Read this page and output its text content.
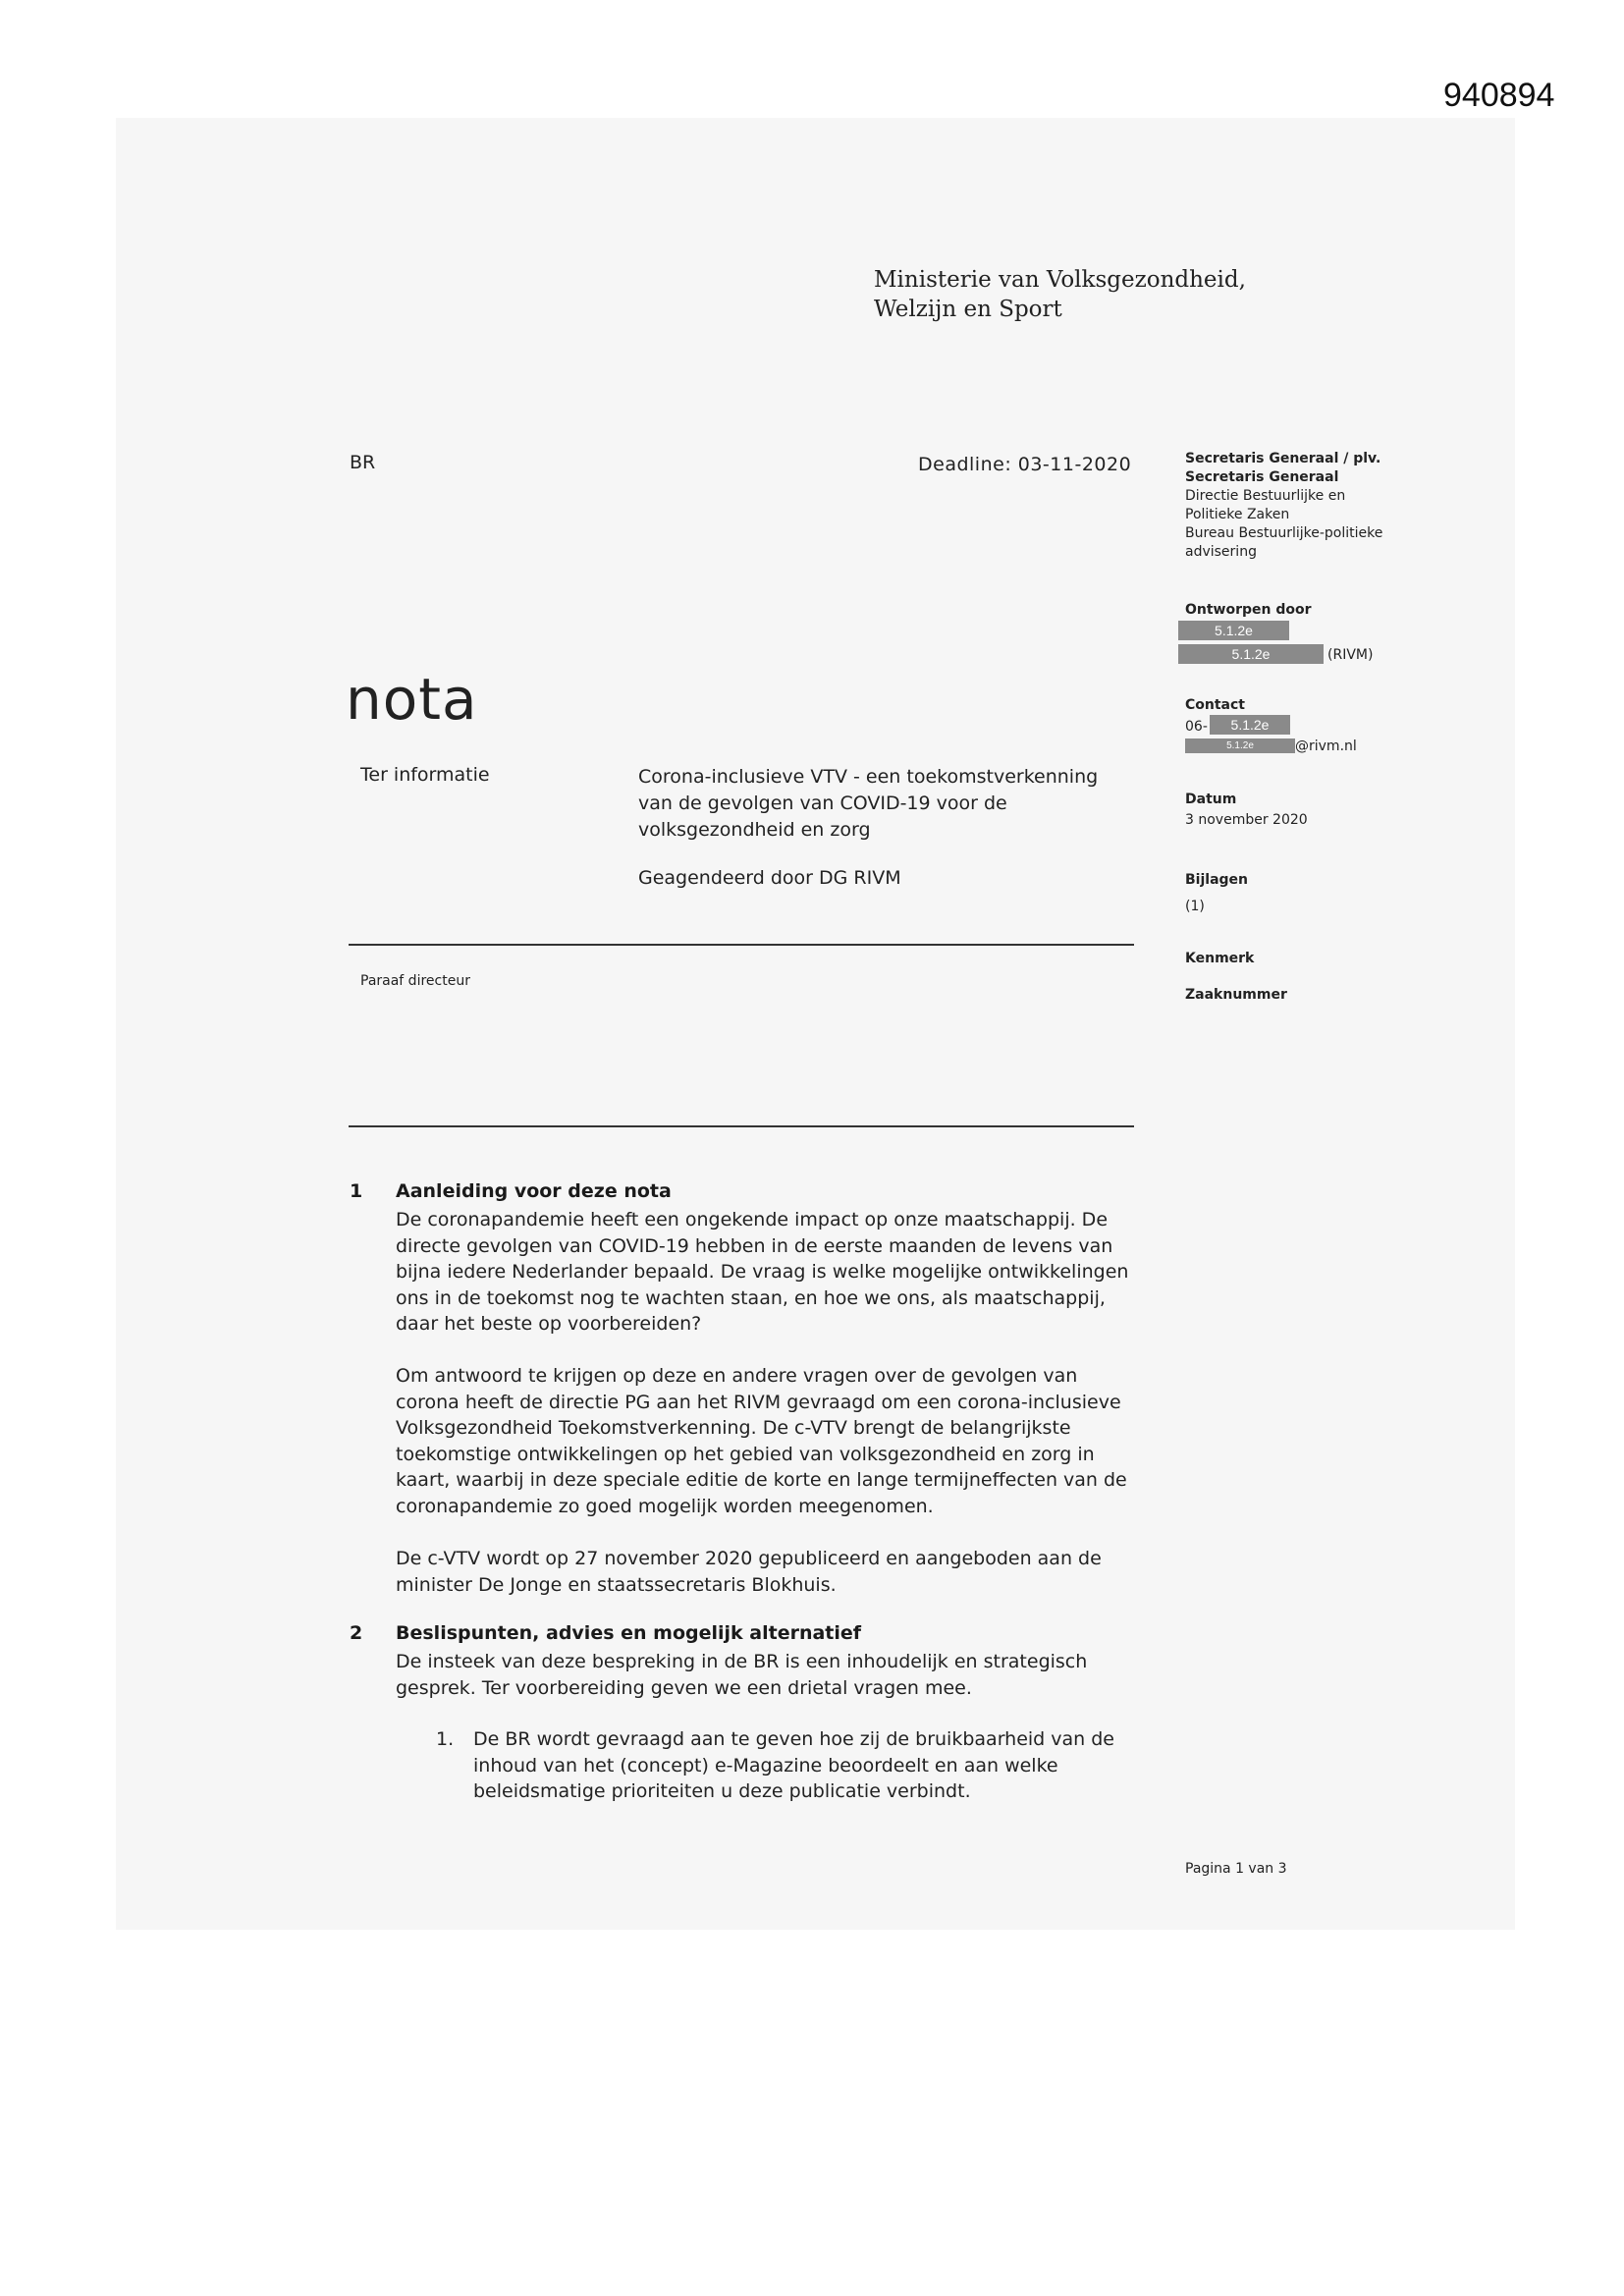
940894
Ministerie van Volksgezondheid,
Welzijn en Sport
BR	Deadline: 03-11-2020	Secretaris Generaal / plv.
Secretaris Generaal
Directie Bestuurlijke en
Politieke Zaken
Bureau Bestuurlijke-politieke
advisering
Ontworpen door
5.1.2e
5.1.2e	(RIVM)
Contact
06-	5.1.2e
5.1.2e	@rivm.nl
Datum
3 november 2020
Bijlagen
(1)
Kenmerk
Zaaknummer
nota
Ter informatie	Corona-inclusieve VTV - een toekomstverkenning
van de gevolgen van COVID-19 voor de
volksgezondheid en zorg
Geagendeerd door DG RIVM
Paraaf directeur
1 Aanleiding voor deze nota
De coronapandemie heeft een ongekende impact op onze maatschappij. De
directe gevolgen van COVID-19 hebben in de eerste maanden de levens van
bijna iedere Nederlander bepaald. De vraag is welke mogelijke ontwikkelingen
ons in de toekomst nog te wachten staan, en hoe we ons, als maatschappij,
daar het beste op voorbereiden?
Om antwoord te krijgen op deze en andere vragen over de gevolgen van
corona heeft de directie PG aan het RIVM gevraagd om een corona-inclusieve
Volksgezondheid Toekomstverkenning. De c-VTV brengt de belangrijkste
toekomstige ontwikkelingen op het gebied van volksgezondheid en zorg in
kaart, waarbij in deze speciale editie de korte en lange termijneffecten van de
coronapandemie zo goed mogelijk worden meegenomen.
De c-VTV wordt op 27 november 2020 gepubliceerd en aangeboden aan de
minister De Jonge en staatssecretaris Blokhuis.
2 Beslispunten, advies en mogelijk alternatief
De insteek van deze bespreking in de BR is een inhoudelijk en strategisch
gesprek. Ter voorbereiding geven we een drietal vragen mee.
1. De BR wordt gevraagd aan te geven hoe zij de bruikbaarheid van de
inhoud van het (concept) e-Magazine beoordeelt en aan welke
beleidsmatige prioriteiten u deze publicatie verbindt.
Pagina 1 van 3
